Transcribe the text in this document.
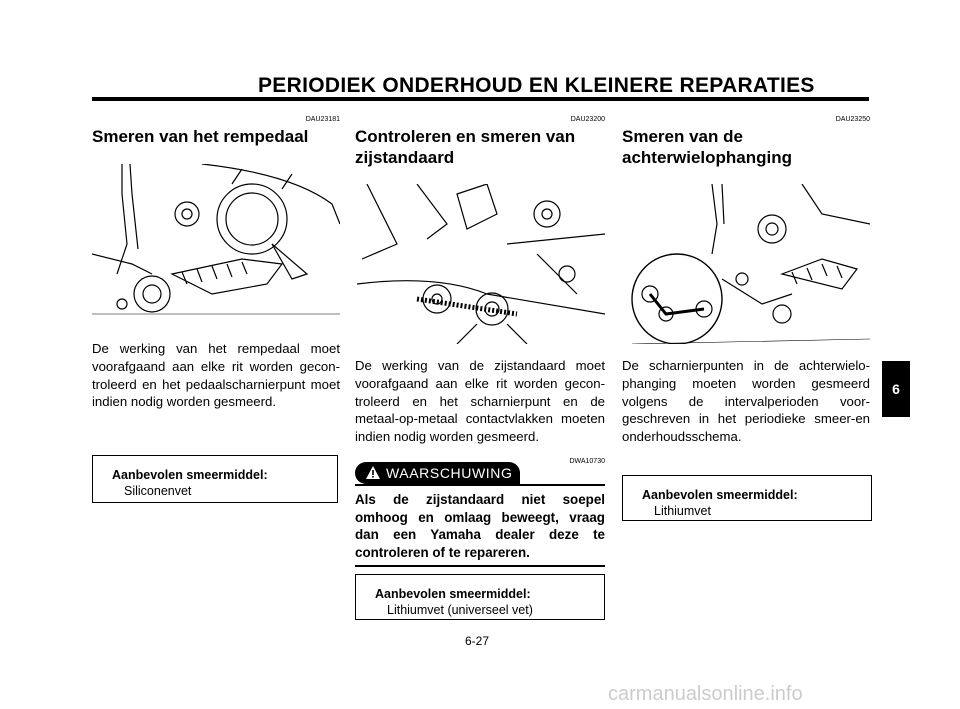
PERIODIEK ONDERHOUD EN KLEINERE REPARATIES
DAU23181
Smeren van het rempedaal
De werking van het rempedaal moet voorafgaand aan elke rit worden gecon-troleerd en het pedaalscharnierpunt moet indien nodig worden gesmeerd.
Aanbevolen smeermiddel:
Siliconenvet
DAU23200
Controleren en smeren van zijstandaard
De werking van de zijstandaard moet voorafgaand aan elke rit worden gecon-troleerd en het scharnierpunt en de metaal-op-metaal contactvlakken moeten indien nodig worden gesmeerd.
DWA10730
WAARSCHUWING
Als de zijstandaard niet soepel omhoog en omlaag beweegt, vraag dan een Yamaha dealer deze te controleren of te repareren.
Aanbevolen smeermiddel:
Lithiumvet (universeel vet)
DAU23250
Smeren van de achterwielophanging
De scharnierpunten in de achterwielo-phanging moeten worden gesmeerd volgens de intervalperioden voor-geschreven in het periodieke smeer-en onderhoudsschema.
Aanbevolen smeermiddel:
Lithiumvet
6-27
6
carmanualsonline.info
